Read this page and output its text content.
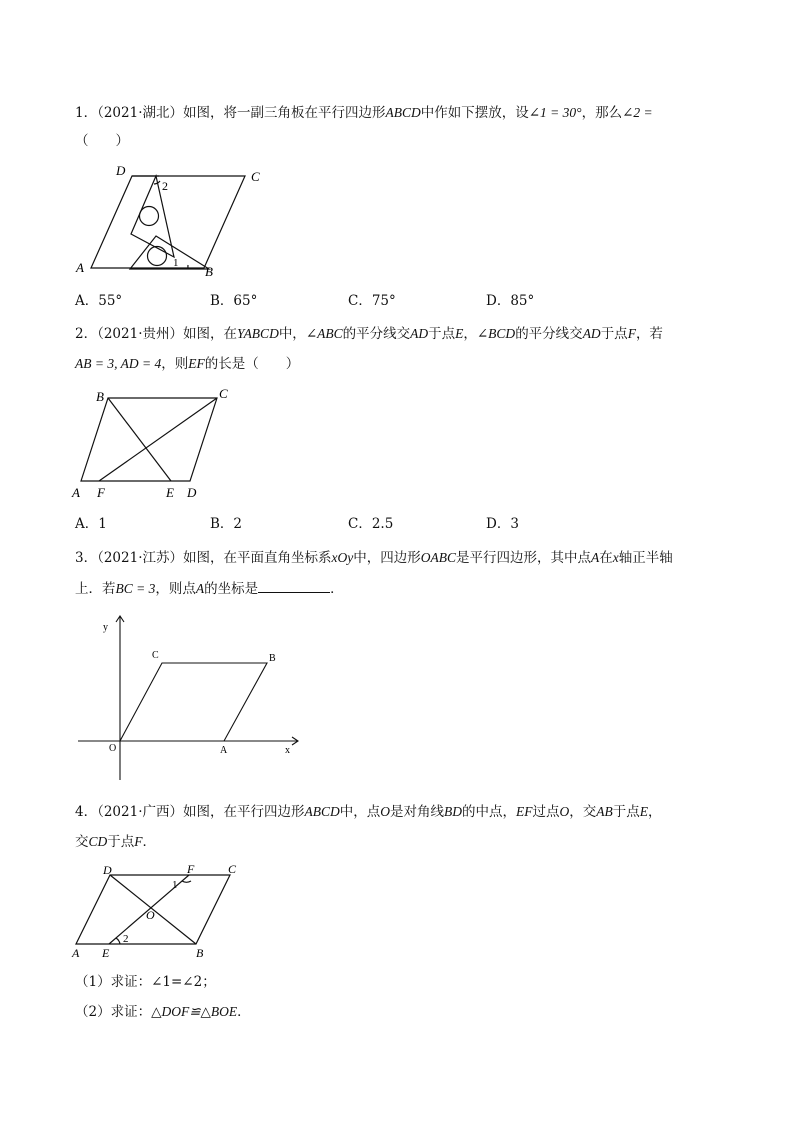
1．（2021·湖北）如图，将一副三角板在平行四边形ABCD中作如下摆放，设∠1 = 30°，那么∠2 =
（　　）
D	C
A	B
2
1
A．55°	B．65°	C．75°	D．85°
2．（2021·贵州）如图，在YABCD中，∠ABC的平分线交AD于点E，∠BCD的平分线交AD于点F，若
AB = 3, AD = 4，则EF的长是（　　）
B	C
A F	E D
A．1	B．2	C．2.5	D．3
3．（2021·江苏）如图，在平面直角坐标系xOy中，四边形OABC是平行四边形，其中点A在x轴正半轴
上．若BC = 3，则点A的坐标是	．
y
x
O	A
B
C
4．（2021·广西）如图，在平行四边形ABCD中，点O是对角线BD的中点，EF过点O，交AB于点E，
交CD于点F．
D	F	C
O
A E	B
1
2
（1）求证：∠1=∠2；
（2）求证：△DOF≌△BOE．
